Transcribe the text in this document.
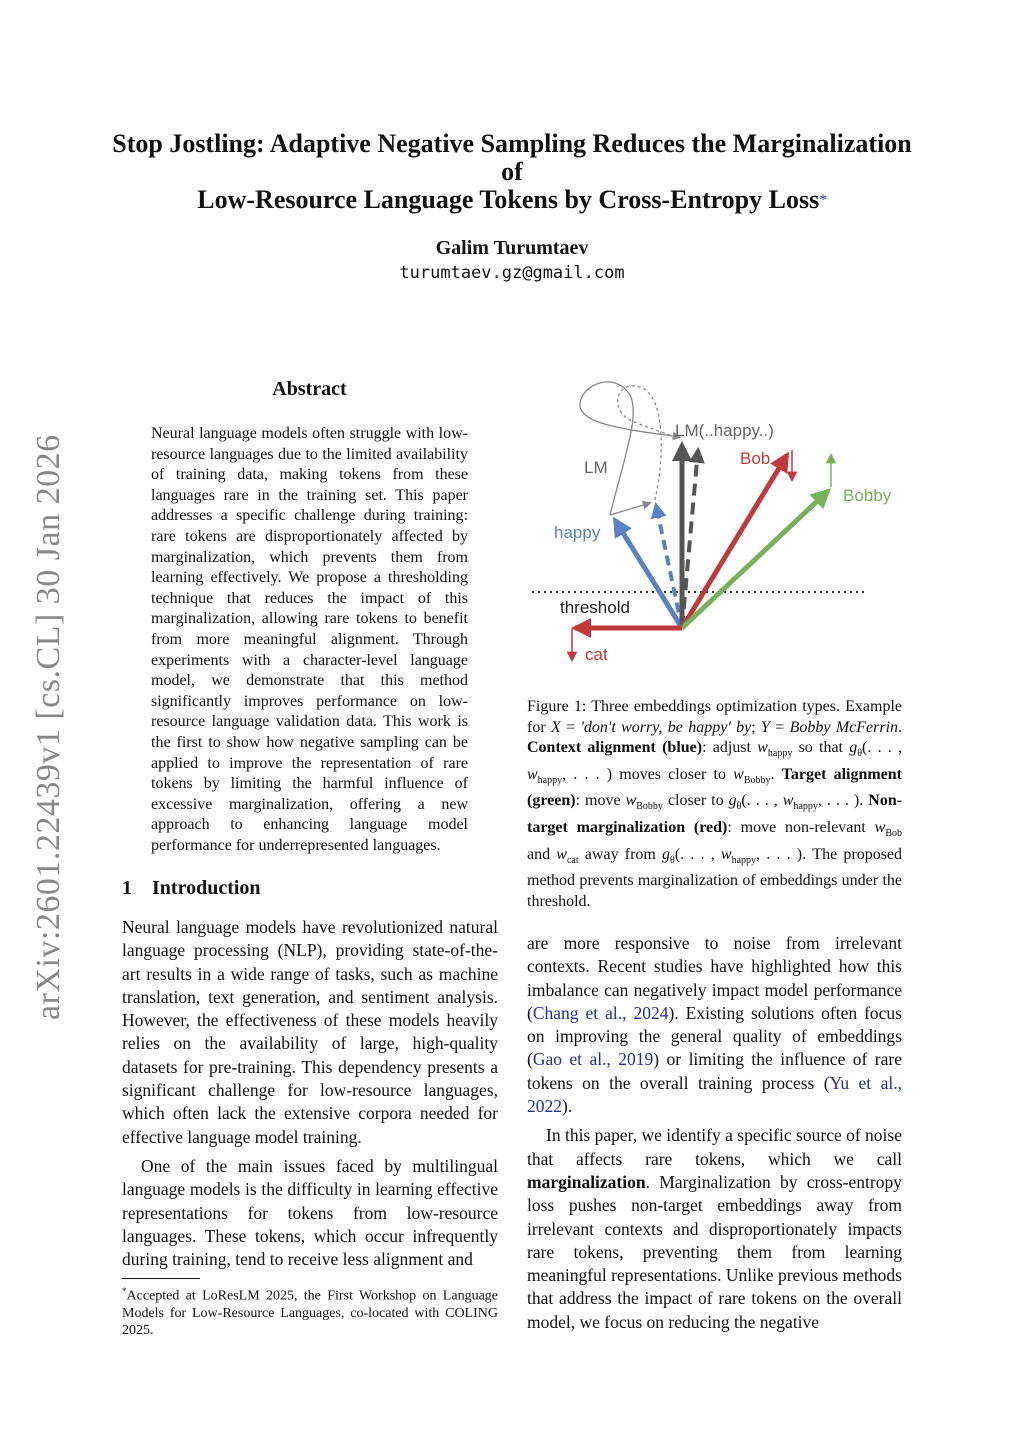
Stop Jostling: Adaptive Negative Sampling Reduces the Marginalization of
Low-Resource Language Tokens by Cross-Entropy Loss*
Galim Turumtaev
turumtaev.gz@gmail.com
arXiv:2601.22439v1 [cs.CL] 30 Jan 2026
Abstract
Neural language models often struggle with low-resource languages due to the limited availability of training data, making tokens from these languages rare in the training set. This paper addresses a specific challenge during training: rare tokens are disproportionately affected by marginalization, which prevents them from learning effectively. We propose a thresholding technique that reduces the impact of this marginalization, allowing rare tokens to benefit from more meaningful alignment. Through experiments with a character-level language model, we demonstrate that this method significantly improves performance on low-resource language validation data. This work is the first to show how negative sampling can be applied to improve the representation of rare tokens by limiting the harmful influence of excessive marginalization, offering a new approach to enhancing language model performance for underrepresented languages.
1 Introduction

Neural language models have revolutionized natural language processing (NLP), providing state-of-the-art results in a wide range of tasks, such as machine translation, text generation, and sentiment analysis. However, the effectiveness of these models heavily relies on the availability of large, high-quality datasets for pre-training. This dependency presents a significant challenge for low-resource languages, which often lack the extensive corpora needed for effective language model training.

One of the main issues faced by multilingual language models is the difficulty in learning effective representations for tokens from low-resource languages. These tokens, which occur infrequently during training, tend to receive less alignment and

*Accepted at LoResLM 2025, the First Workshop on Language Models for Low-Resource Languages, co-located with COLING 2025.
LM(..happy..)
LM	Bob
Bobby
happy
threshold
cat
Figure 1: Three embeddings optimization types. Example for X = 'don't worry, be happy' by; Y = Bobby McFerrin. Context alignment (blue): adjust $w_{happy}$ so that $g_\theta$(. . . , $w_{happy}$, . . . ) moves closer to $w_{Bobby}$. Target alignment (green): move $w_{Bobby}$ closer to $g_\theta$(. . . , $w_{happy}$, . . . ). Non-target marginalization (red): move non-relevant $w_{Bob}$ and $w_{cat}$ away from $g_\theta$(. . . , $w_{happy}$, . . . ). The proposed method prevents marginalization of embeddings under the threshold.

are more responsive to noise from irrelevant contexts. Recent studies have highlighted how this imbalance can negatively impact model performance (Chang et al., 2024). Existing solutions often focus on improving the general quality of embeddings (Gao et al., 2019) or limiting the influence of rare tokens on the overall training process (Yu et al., 2022).

In this paper, we identify a specific source of noise that affects rare tokens, which we call marginalization. Marginalization by cross-entropy loss pushes non-target embeddings away from irrelevant contexts and disproportionately impacts rare tokens, preventing them from learning meaningful representations. Unlike previous methods that address the impact of rare tokens on the overall model, we focus on reducing the negative
